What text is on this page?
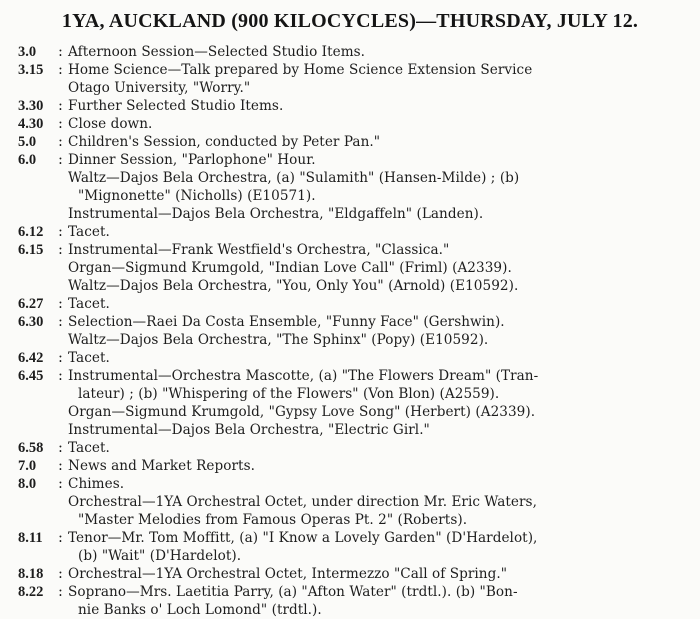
1YA, AUCKLAND (900 KILOCYCLES)—THURSDAY, JULY 12.
3.0	: Afternoon Session—Selected Studio Items.
3.15	: Home Science—Talk prepared by Home Science Extension Service
Otago University, "Worry."
3.30	: Further Selected Studio Items.
4.30	: Close down.
5.0	: Children's Session, conducted by Peter Pan."
6.0	: Dinner Session, "Parlophone" Hour.
Waltz—Dajos Bela Orchestra, (a) "Sulamith" (Hansen-Milde) ; (b)
"Mignonette" (Nicholls) (E10571).
Instrumental—Dajos Bela Orchestra, "Eldgaffeln" (Landen).
6.12	: Tacet.
6.15	: Instrumental—Frank Westfield's Orchestra, "Classica."
Organ—Sigmund Krumgold, "Indian Love Call" (Friml) (A2339).
Waltz—Dajos Bela Orchestra, "You, Only You" (Arnold) (E10592).
6.27	: Tacet.
6.30	: Selection—Raei Da Costa Ensemble, "Funny Face" (Gershwin).
Waltz—Dajos Bela Orchestra, "The Sphinx" (Popy) (E10592).
6.42	: Tacet.
6.45	: Instrumental—Orchestra Mascotte, (a) "The Flowers Dream" (Tran-
lateur) ; (b) "Whispering of the Flowers" (Von Blon) (A2559).
Organ—Sigmund Krumgold, "Gypsy Love Song" (Herbert) (A2339).
Instrumental—Dajos Bela Orchestra, "Electric Girl."
6.58	: Tacet.
7.0	: News and Market Reports.
8.0	: Chimes.
Orchestral—1YA Orchestral Octet, under direction Mr. Eric Waters,
"Master Melodies from Famous Operas Pt. 2" (Roberts).
8.11	: Tenor—Mr. Tom Moffitt, (a) "I Know a Lovely Garden" (D'Hardelot),
(b) "Wait" (D'Hardelot).
8.18	: Orchestral—1YA Orchestral Octet, Intermezzo "Call of Spring."
8.22	: Soprano—Mrs. Laetitia Parry, (a) "Afton Water" (trdtl.). (b) "Bon-
nie Banks o' Loch Lomond" (trdtl.).
